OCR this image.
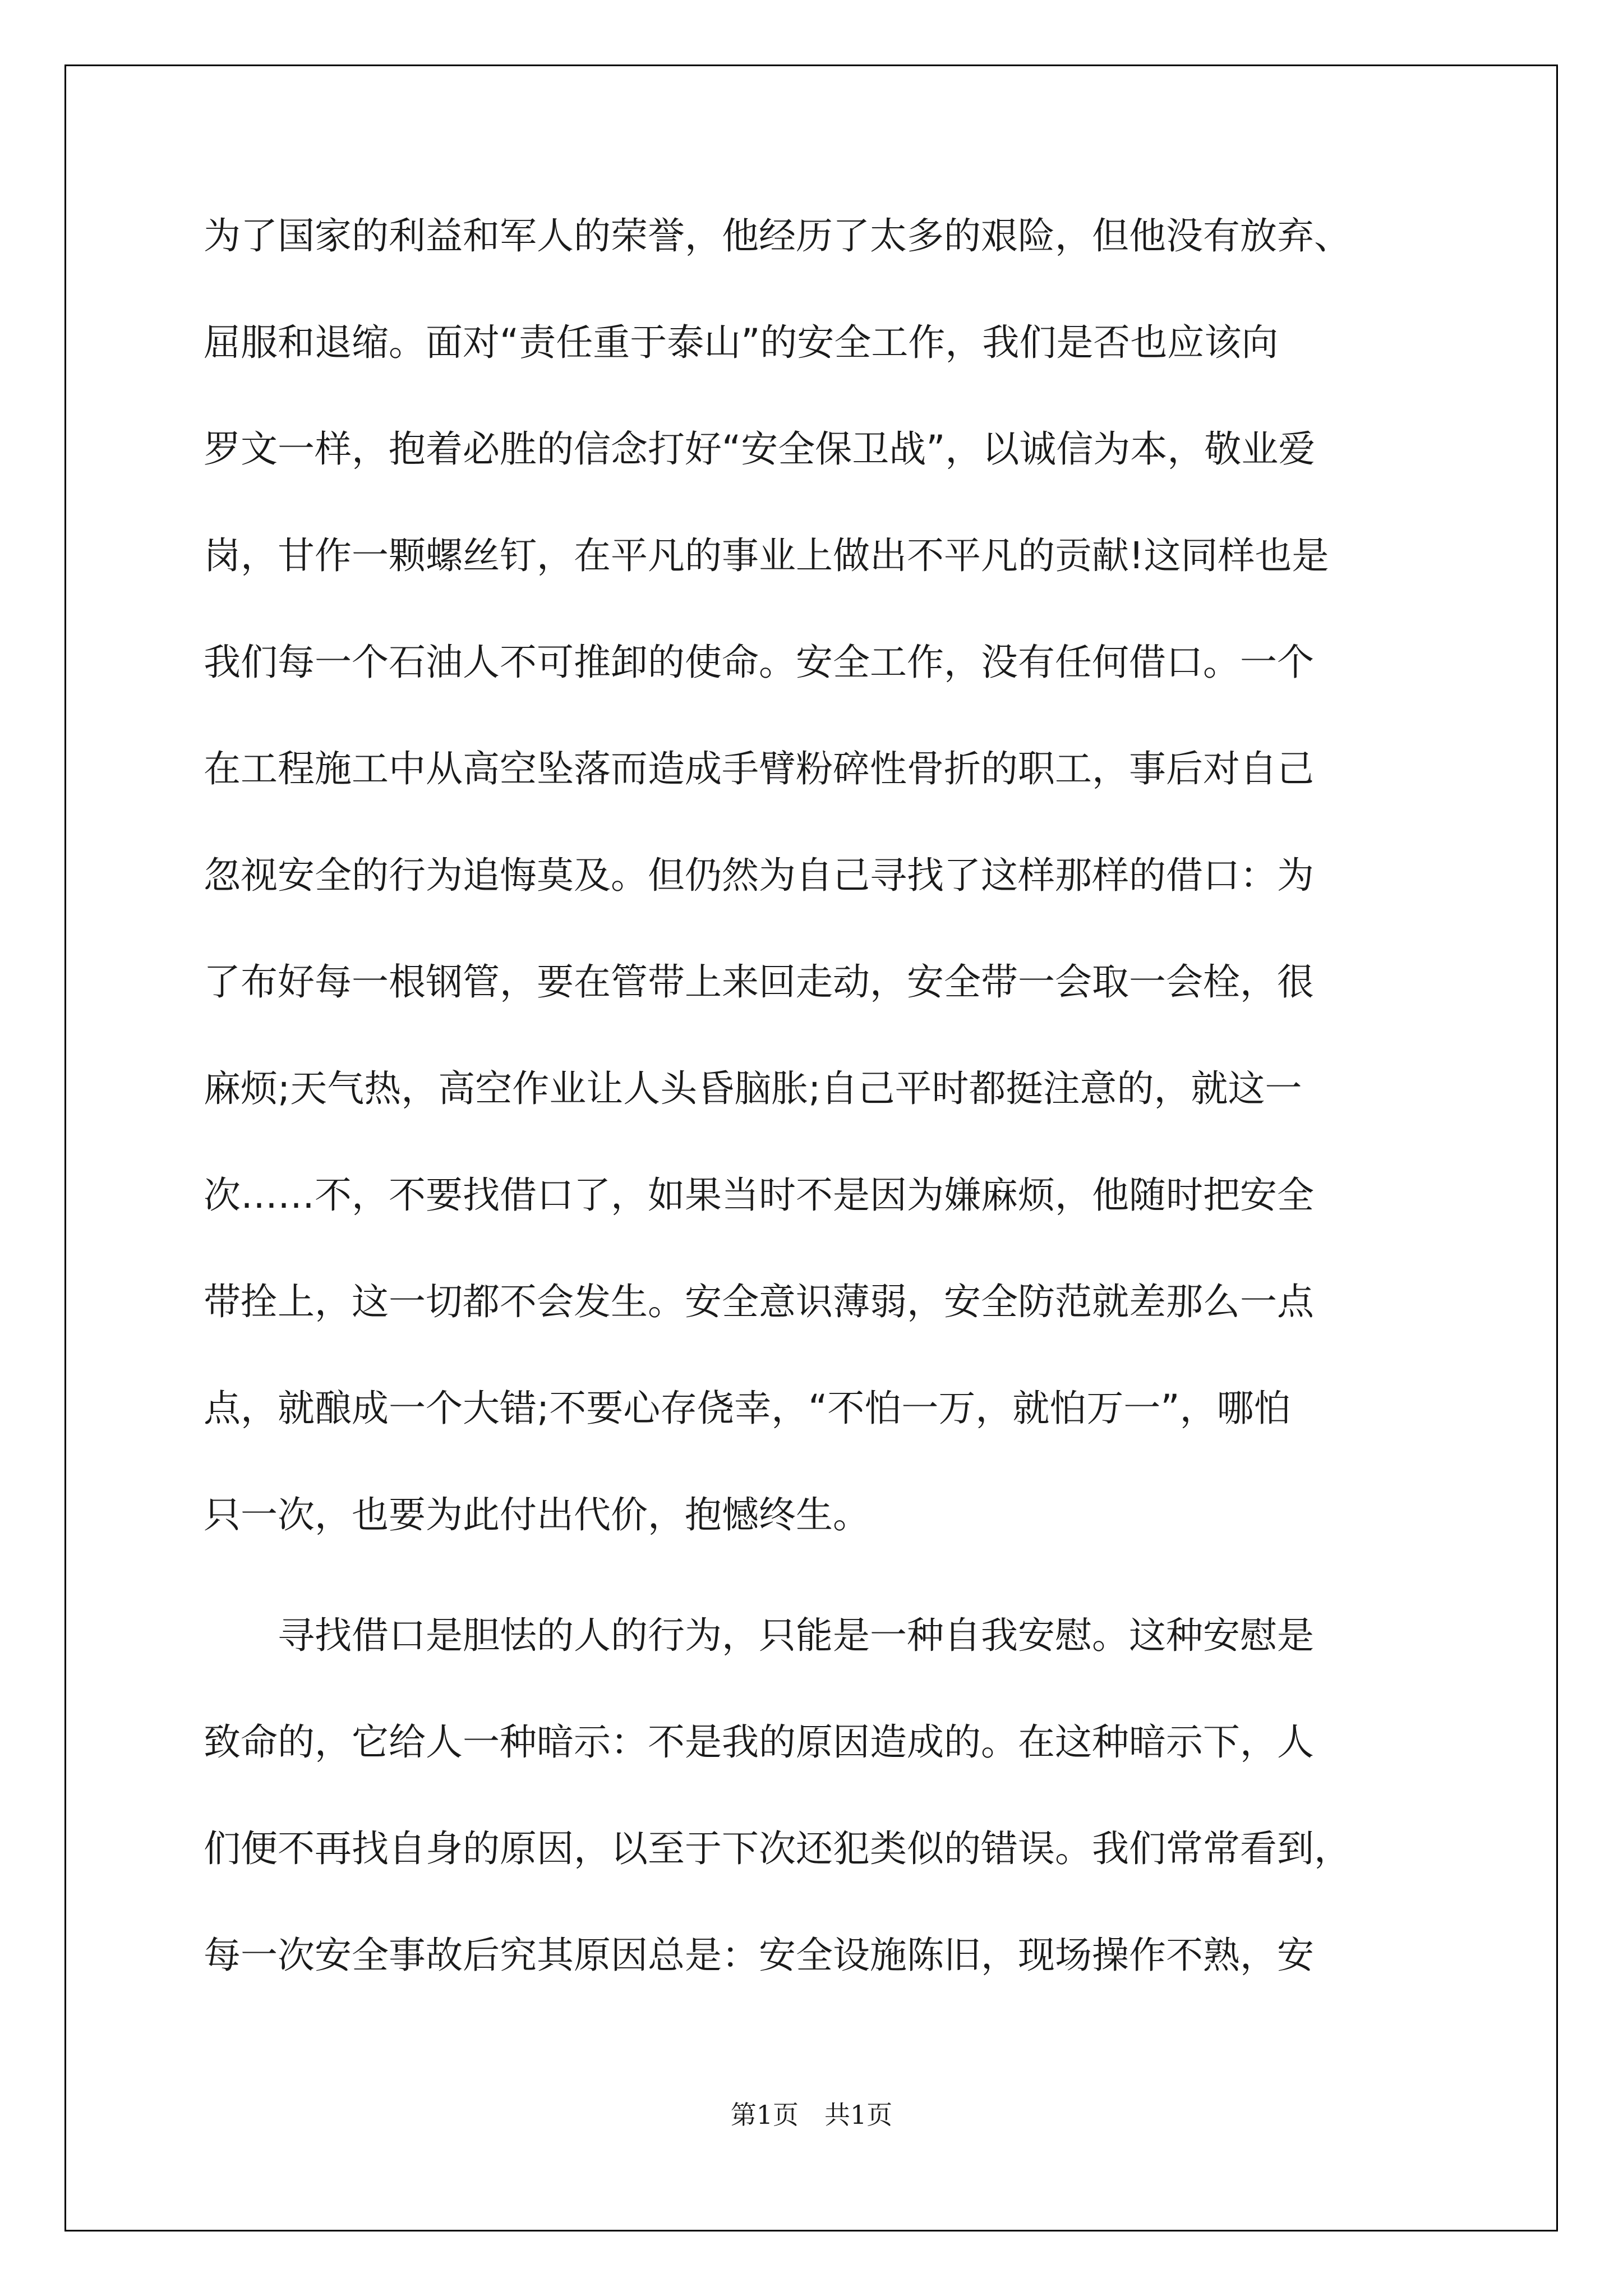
为了国家的利益和军人的荣誉，他经历了太多的艰险，但他没有放弃、
屈服和退缩。面对“责任重于泰山”的安全工作，我们是否也应该向
罗文一样，抱着必胜的信念打好“安全保卫战”，以诚信为本，敬业爱
岗，甘作一颗螺丝钉，在平凡的事业上做出不平凡的贡献!这同样也是
我们每一个石油人不可推卸的使命。安全工作，没有任何借口。一个
在工程施工中从高空坠落而造成手臂粉碎性骨折的职工，事后对自己
忽视安全的行为追悔莫及。但仍然为自己寻找了这样那样的借口：为
了布好每一根钢管，要在管带上来回走动，安全带一会取一会栓，很
麻烦;天气热，高空作业让人头昏脑胀;自己平时都挺注意的，就这一
次……不，不要找借口了，如果当时不是因为嫌麻烦，他随时把安全
带拴上，这一切都不会发生。安全意识薄弱，安全防范就差那么一点
点，就酿成一个大错;不要心存侥幸，“不怕一万，就怕万一”，哪怕
只一次，也要为此付出代价，抱憾终生。
寻找借口是胆怯的人的行为，只能是一种自我安慰。这种安慰是
致命的，它给人一种暗示：不是我的原因造成的。在这种暗示下，人
们便不再找自身的原因，以至于下次还犯类似的错误。我们常常看到，
每一次安全事故后究其原因总是：安全设施陈旧，现场操作不熟，安
第1页 共1页
